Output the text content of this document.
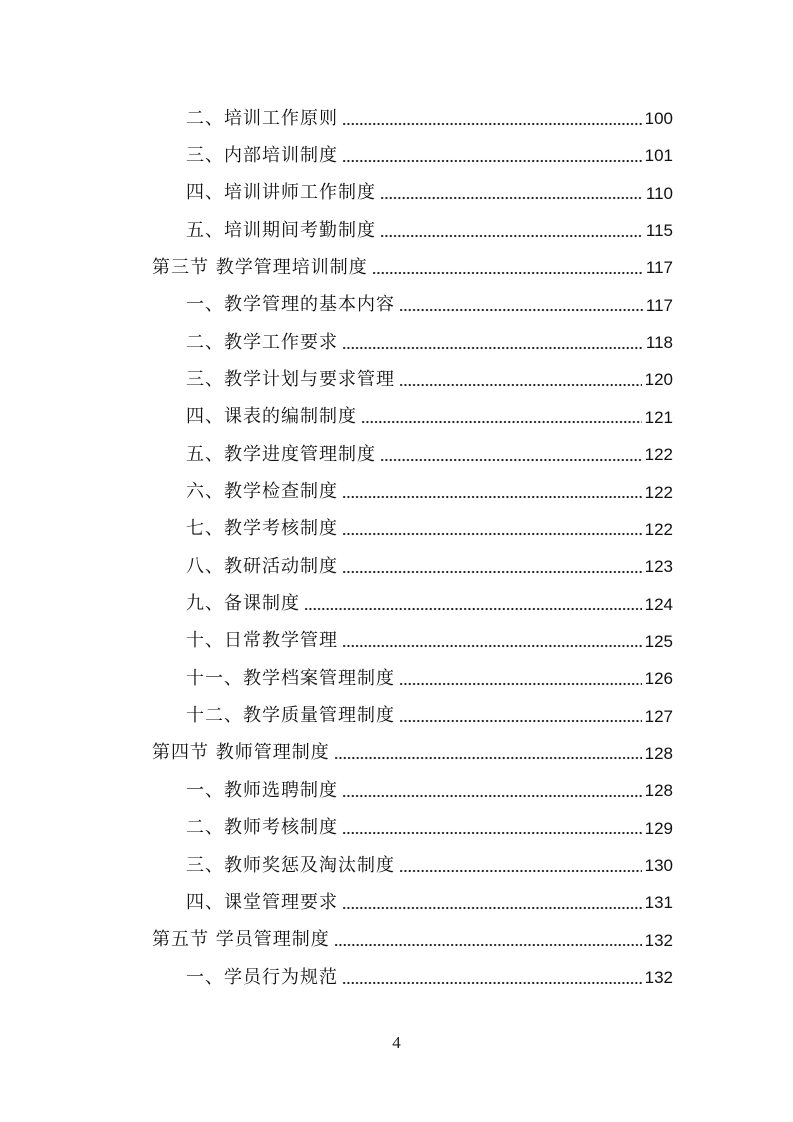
二、培训工作原则	100
三、内部培训制度	101
四、培训讲师工作制度	110
五、培训期间考勤制度	115
第三节 教学管理培训制度	117
一、教学管理的基本内容	117
二、教学工作要求	118
三、教学计划与要求管理	120
四、课表的编制制度	121
五、教学进度管理制度	122
六、教学检查制度	122
七、教学考核制度	122
八、教研活动制度	123
九、备课制度	124
十、日常教学管理	125
十一、教学档案管理制度	126
十二、教学质量管理制度	127
第四节 教师管理制度	128
一、教师选聘制度	128
二、教师考核制度	129
三、教师奖惩及淘汰制度	130
四、课堂管理要求	131
第五节 学员管理制度	132
一、学员行为规范	132
4
